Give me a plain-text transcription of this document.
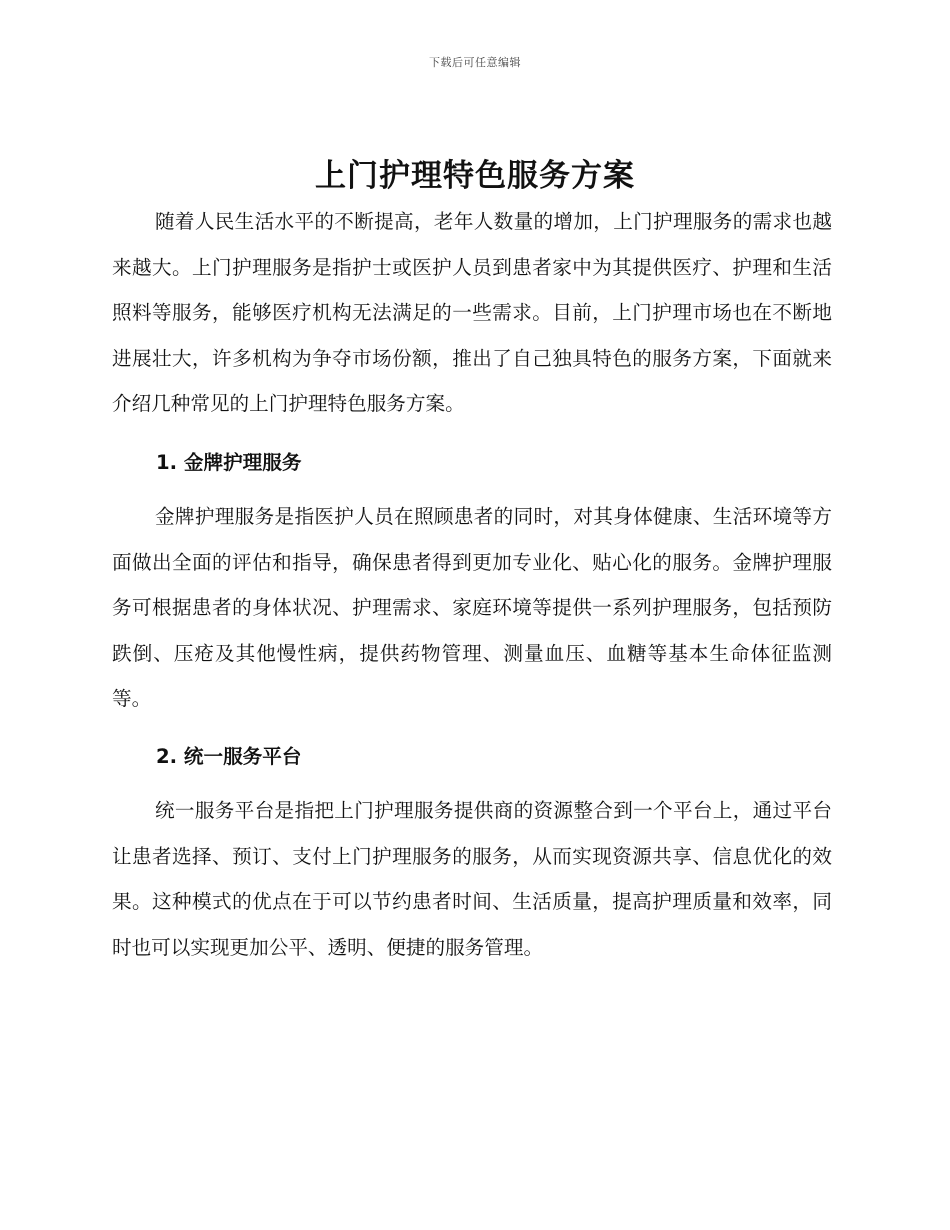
下载后可任意编辑
上门护理特色服务方案

随着人民生活水平的不断提高，老年人数量的增加，上门护理服务的需求也越来越大。上门护理服务是指护士或医护人员到患者家中为其提供医疗、护理和生活照料等服务，能够医疗机构无法满足的一些需求。目前，上门护理市场也在不断地进展壮大，许多机构为争夺市场份额，推出了自己独具特色的服务方案，下面就来介绍几种常见的上门护理特色服务方案。

1. 金牌护理服务

金牌护理服务是指医护人员在照顾患者的同时，对其身体健康、生活环境等方面做出全面的评估和指导，确保患者得到更加专业化、贴心化的服务。金牌护理服务可根据患者的身体状况、护理需求、家庭环境等提供一系列护理服务，包括预防跌倒、压疮及其他慢性病，提供药物管理、测量血压、血糖等基本生命体征监测等。

2. 统一服务平台

统一服务平台是指把上门护理服务提供商的资源整合到一个平台上，通过平台让患者选择、预订、支付上门护理服务的服务，从而实现资源共享、信息优化的效果。这种模式的优点在于可以节约患者时间、生活质量，提高护理质量和效率，同时也可以实现更加公平、透明、便捷的服务管理。
